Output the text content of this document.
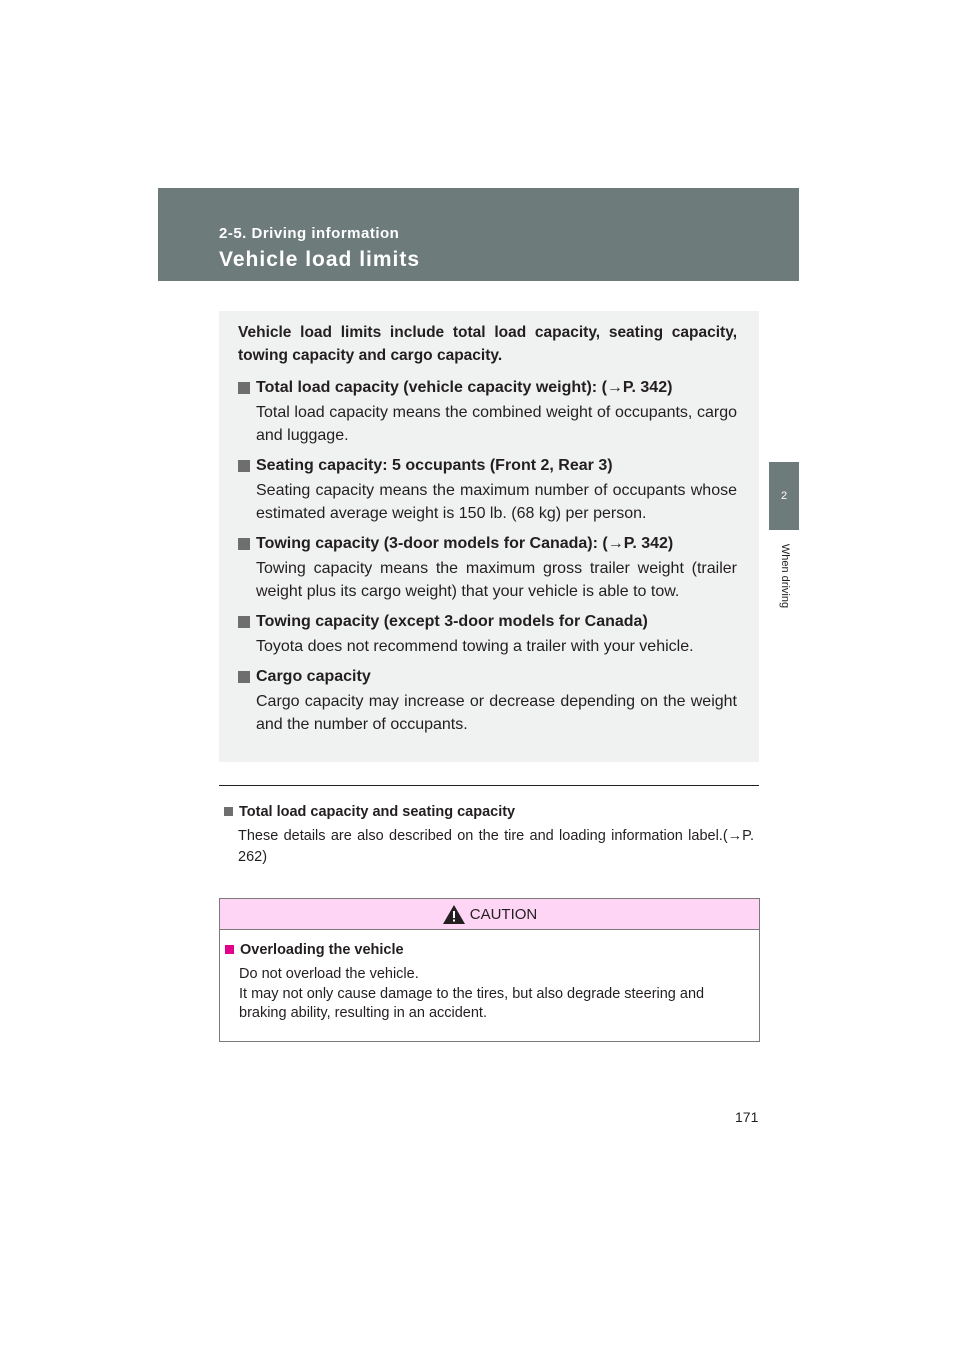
2-5. Driving information
Vehicle load limits
2
When driving

Vehicle load limits include total load capacity, seating capacity, towing capacity and cargo capacity.

Total load capacity (vehicle capacity weight): (→P. 342)
Total load capacity means the combined weight of occupants, cargo and luggage.
Seating capacity: 5 occupants (Front 2, Rear 3)
Seating capacity means the maximum number of occupants whose estimated average weight is 150 lb. (68 kg) per person.
Towing capacity (3-door models for Canada): (→P. 342)
Towing capacity means the maximum gross trailer weight (trailer weight plus its cargo weight) that your vehicle is able to tow.
Towing capacity (except 3-door models for Canada)
Toyota does not recommend towing a trailer with your vehicle.
Cargo capacity
Cargo capacity may increase or decrease depending on the weight and the number of occupants.
Total load capacity and seating capacity
These details are also described on the tire and loading information label.(→P. 262)
CAUTION
Overloading the vehicle
Do not overload the vehicle.
It may not only cause damage to the tires, but also degrade steering and braking ability, resulting in an accident.
171
